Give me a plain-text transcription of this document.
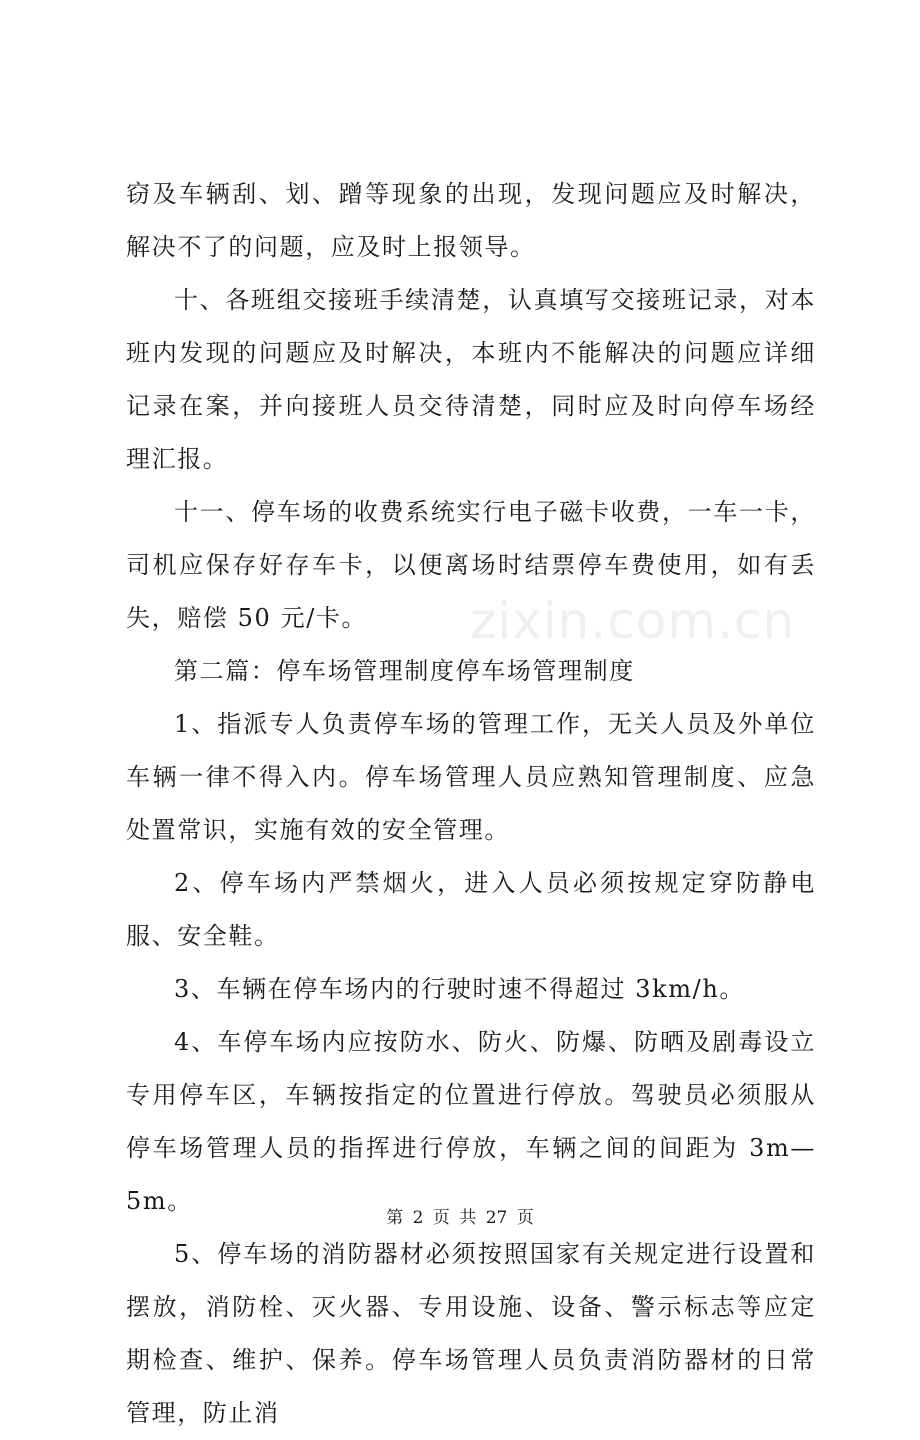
窃及车辆刮、划、蹭等现象的出现，发现问题应及时解决，解决不了的问题，应及时上报领导。

十、各班组交接班手续清楚，认真填写交接班记录，对本班内发现的问题应及时解决，本班内不能解决的问题应详细记录在案，并向接班人员交待清楚，同时应及时向停车场经理汇报。

十一、停车场的收费系统实行电子磁卡收费，一车一卡，司机应保存好存车卡，以便离场时结票停车费使用，如有丢失，赔偿 50 元/卡。

第二篇：停车场管理制度停车场管理制度

1、指派专人负责停车场的管理工作，无关人员及外单位车辆一律不得入内。停车场管理人员应熟知管理制度、应急处置常识，实施有效的安全管理。

2、停车场内严禁烟火，进入人员必须按规定穿防静电服、安全鞋。

3、车辆在停车场内的行驶时速不得超过 3km/h。

4、车停车场内应按防水、防火、防爆、防晒及剧毒设立专用停车区，车辆按指定的位置进行停放。驾驶员必须服从停车场管理人员的指挥进行停放，车辆之间的间距为 3m—5m。

5、停车场的消防器材必须按照国家有关规定进行设置和摆放，消防栓、灭火器、专用设施、设备、警示标志等应定期检查、维护、保养。停车场管理人员负责消防器材的日常管理，防止消

zixin.com.cn
第 2 页 共 27 页
